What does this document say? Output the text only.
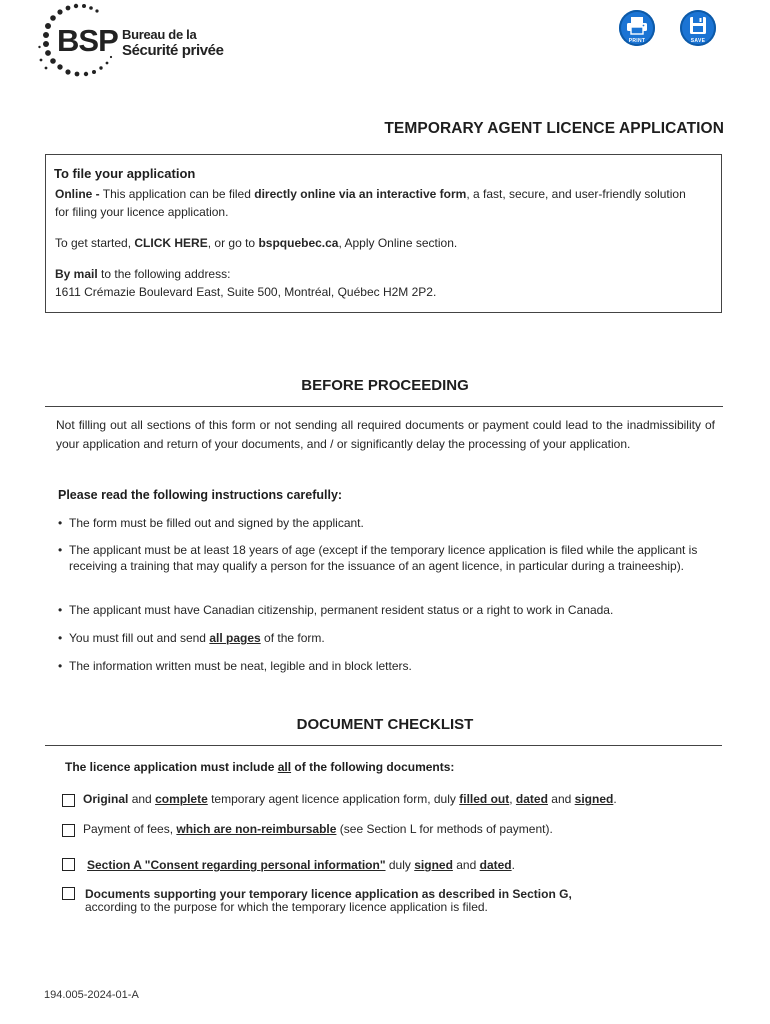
BSP Bureau de la
Sécurité privée
PRINT	SAVE
TEMPORARY AGENT LICENCE APPLICATION
To file your application
Online - This application can be filed directly online via an interactive form, a fast, secure, and user-friendly solution for filing your licence application.
To get started, CLICK HERE, or go to bspquebec.ca, Apply Online section.
By mail to the following address:
1611 Crémazie Boulevard East, Suite 500, Montréal, Québec H2M 2P2.
BEFORE PROCEEDING
Not filling out all sections of this form or not sending all required documents or payment could lead to the inadmissibility of your application and return of your documents, and / or significantly delay the processing of your application.
Please read the following instructions carefully:
• The form must be filled out and signed by the applicant.
• The applicant must be at least 18 years of age (except if the temporary licence application is filed while the applicant is receiving a training that may qualify a person for the issuance of an agent licence, in particular during a traineeship).
• The applicant must have Canadian citizenship, permanent resident status or a right to work in Canada.
• You must fill out and send all pages of the form.
• The information written must be neat, legible and in block letters.
DOCUMENT CHECKLIST
The licence application must include all of the following documents:
Original and complete temporary agent licence application form, duly filled out, dated and signed.
Payment of fees, which are non-reimbursable (see Section L for methods of payment).
Section A "Consent regarding personal information" duly signed and dated.
Documents supporting your temporary licence application as described in Section G,
according to the purpose for which the temporary licence application is filed.
194.005-2024-01-A
